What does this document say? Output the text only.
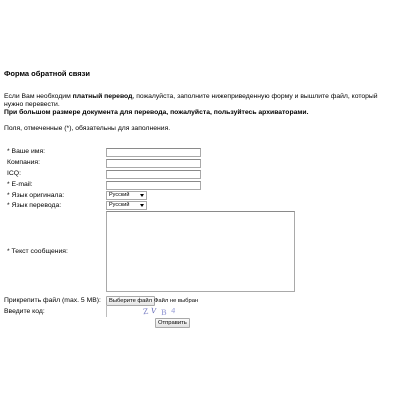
Форма обратной связи
Если Вам необходим платный перевод, пожалуйста, заполните нижеприведенную форму и вышлите файл, который нужно перевести.
При большом размере документа для перевода, пожалуйста, пользуйтесь архиваторами.
Поля, отмеченные (*), обязательны для заполнения.
* Ваше имя:
Компания:
ICQ:
* E-mail:
* Язык оригинала:	Русский
* Язык перевода:	Русский
* Текст сообщения:
Прикрепить файл (max. 5 MB):	Выберите файл Файл не выбран
Введите код:	Z V B 4
Отправить
